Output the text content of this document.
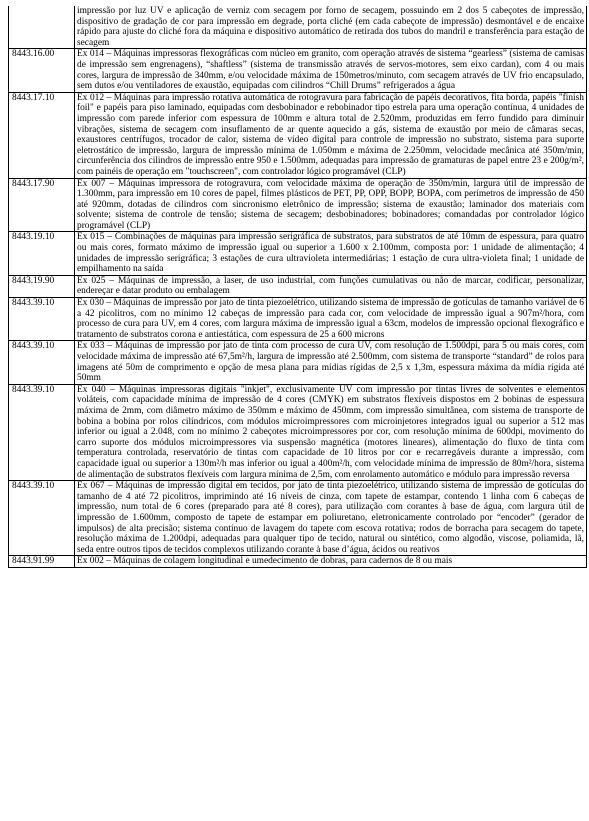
	impressão por luz UV e aplicação de verniz com secagem por forno de secagem, possuindo em 2 dos 5 cabeçotes de impressão, dispositivo de gradação de cor para impressão em degrade, porta cliché (em cada cabeçote de impressão) desmontável e de encaixe rápido para ajuste do cliché fora da máquina e dispositivo automático de retirada dos tubos do mandril e transferência para estação de secagem
8443.16.00	Ex 014 – Máquinas impressoras flexográficas com núcleo em granito, com operação através de sistema “gearless” (sistema de camisas de impressão sem engrenagens), “shaftless” (sistema de transmissão através de servos-motores, sem eixo cardan), com 4 ou mais cores, largura de impressão de 340mm, e/ou velocidade máxima de 150metros/minuto, com secagem através de UV frio encapsulado, sem dutos e/ou ventiladores de exaustão, equipadas com cilindros “Chill Drums” refrigerados a água
8443.17.10	Ex 012 – Máquinas para impressão rotativa automática de rotogravura para fabricação de papéis decorativos, fita borda, papéis "finish foil" e papéis para piso laminado, equipadas com desbobinador e rebobinador tipo estrela para uma operação contínua, 4 unidades de impressão com parede inferior com espessura de 100mm e altura total de 2.520mm, produzidas em ferro fundido para diminuir vibrações, sistema de secagem com insuflamento de ar quente aquecido a gás, sistema de exaustão por meio de câmaras secas, exaustores centrífugos, trocador de calor, sistema de vídeo digital para controle de impressão no substrato, sistema para suporte eletrostático de impressão, largura de impressão mínima de 1.050mm e máxima de 2.250mm, velocidade mecânica até 350m/min, circunferência dos cilindros de impressão entre 950 e 1.500mm, adequadas para impressão de gramaturas de papel entre 23 e 200g/m², com painéis de operação em "touchscreen", com controlador lógico programável (CLP)
8443.17.90	Ex 007 – Máquinas impressora de rotogravura, com velocidade máxima de operação de 350m/min, largura útil de impressão de 1.300mm, para impressão em 10 cores de papel, filmes plásticos de PET, PP, OPP, BOPP, BOPA, com perímetros de impressão de 450 até 920mm, dotadas de cilindros com sincronismo eletrônico de impressão; sistema de exaustão; laminador dos materiais com solvente; sistema de controle de tensão; sistema de secagem; desbobinadores; bobinadores; comandadas por controlador lógico programável (CLP)
8443.19.10	Ex 015 – Combinações de máquinas para impressão serigráfica de substratos, para substratos de até 10mm de espessura, para quatro ou mais cores, formato máximo de impressão igual ou superior a 1.600 x 2.100mm, composta por: 1 unidade de alimentação; 4 unidades de impressão serigráfica; 3 estações de cura ultravioleta intermediárias; 1 estação de cura ultra-violeta final; 1 unidade de empilhamento na saída
8443.19.90	Ex 025 – Máquinas de impressão, a laser, de uso industrial, com funções cumulativas ou não de marcar, codificar, personalizar, endereçar e datar produto ou embalagem
8443.39.10	Ex 030 – Máquinas de impressão por jato de tinta piezoelétrico, utilizando sistema de impressão de gotículas de tamanho variável de 6 a 42 picolitros, com no mínimo 12 cabeças de impressão para cada cor, com velocidade de impressão igual a 907m²/hora, com processo de cura para UV, em 4 cores, com largura máxima de impressão igual a 63cm, modelos de impressão opcional flexográfico e tratamento de substratos corona e antiestática, com espessura de 25 a 600 microns
8443.39.10	Ex 033 – Máquinas de impressão por jato de tinta com processo de cura UV, com resolução de 1.500dpi, para 5 ou mais cores, com velocidade máxima de impressão até 67,5m²/h, largura de impressão até 2.500mm, com sistema de transporte “standard” de rolos para imagens até 50m de comprimento e opção de mesa plana para mídias rígidas de 2,5 x 1,3m, espessura máxima da mídia rígida até 50mm
8443.39.10	Ex 040 – Máquinas impressoras digitais "inkjet", exclusivamente UV com impressão por tintas livres de solventes e elementos voláteis, com capacidade mínima de impressão de 4 cores (CMYK) em substratos flexíveis dispostos em 2 bobinas de espessura máxima de 2mm, com diâmetro máximo de 350mm e máximo de 450mm, com impressão simultânea, com sistema de transporte de bobina a bobina por rolos cilíndricos, com módulos microimpressores com microinjetores integrados igual ou superior a 512 mas inferior ou igual a 2.048, com no mínimo 2 cabeçotes microimpressores por cor, com resolução mínima de 600dpi, movimento do carro suporte dos módulos microimpressores via suspensão magnética (motores lineares), alimentação do fluxo de tinta com temperatura controlada, reservatório de tintas com capacidade de 10 litros por cor e recarregáveis durante a impressão, com capacidade igual ou superior a 130m²/h mas inferior ou igual a 400m²/h, com velocidade mínima de impressão de 80m²/hora, sistema de alimentação de substratos flexíveis com largura mínima de 2,5m, com enrolamento automático e módulo para impressão reversa
8443.39.10	Ex 067 – Máquinas de impressão digital em tecidos, por jato de tinta piezoelétrico, utilizando sistema de impressão de gotículas do tamanho de 4 até 72 picolitros, imprimindo até 16 níveis de cinza, com tapete de estampar, contendo 1 linha com 6 cabeças de impressão, num total de 6 cores (preparado para até 8 cores), para utilização com corantes à base de água, com largura útil de impressão de 1.600mm, composto de tapete de estampar em poliuretano, eletronicamente controlado por “encoder” (gerador de impulsos) de alta precisão; sistema contínuo de lavagem do tapete com escova rotativa; rodos de borracha para secagem do tapete, resolução máxima de 1.200dpi, adequadas para qualquer tipo de tecido, natural ou sintético, como algodão, viscose, poliamida, lã, seda entre outros tipos de tecidos complexos utilizando corante à base d’água, ácidos ou reativos
8443.91.99	Ex 002 – Máquinas de colagem longitudinal e umedecimento de dobras, para cadernos de 8 ou mais
